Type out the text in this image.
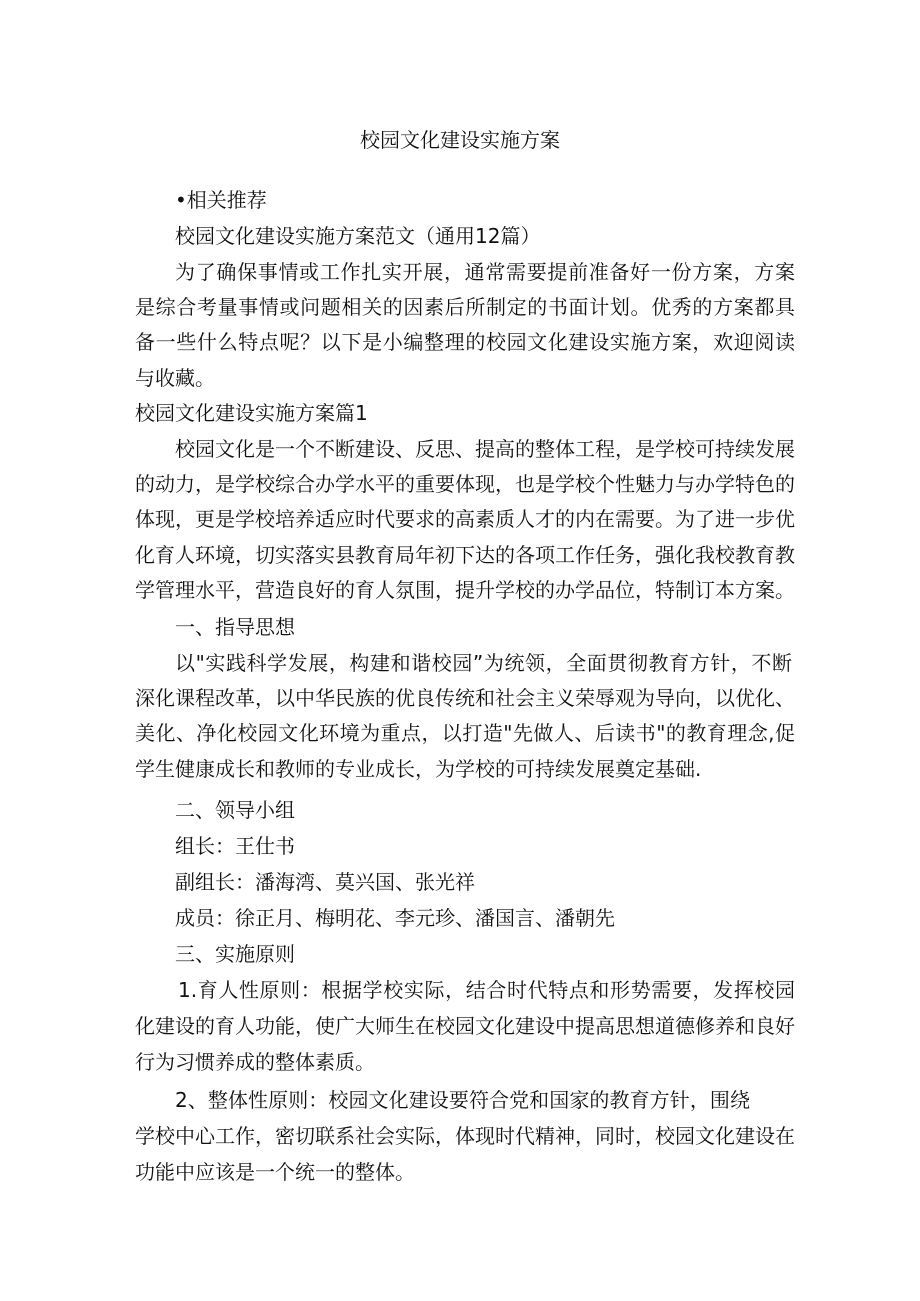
校园文化建设实施方案
•相关推荐
校园文化建设实施方案范文（通用12篇）
为了确保事情或工作扎实开展，通常需要提前准备好一份方案，方案
是综合考量事情或问题相关的因素后所制定的书面计划。优秀的方案都具
备一些什么特点呢？以下是小编整理的校园文化建设实施方案，欢迎阅读
与收藏。
校园文化建设实施方案篇1
校园文化是一个不断建设、反思、提高的整体工程，是学校可持续发展
的动力，是学校综合办学水平的重要体现，也是学校个性魅力与办学特色的
体现，更是学校培养适应时代要求的高素质人才的内在需要。为了进一步优
化育人环境，切实落实县教育局年初下达的各项工作任务，强化我校教育教
学管理水平，营造良好的育人氛围，提升学校的办学品位，特制订本方案。
一、指导思想
以"实践科学发展，构建和谐校园”为统领，全面贯彻教育方针，不断
深化课程改革，以中华民族的优良传统和社会主义荣辱观为导向，以优化、
美化、净化校园文化环境为重点，以打造"先做人、后读书"的教育理念,促
学生健康成长和教师的专业成长，为学校的可持续发展奠定基础.
二、领导小组
组长：王仕书
副组长：潘海湾、莫兴国、张光祥
成员：徐正月、梅明花、李元珍、潘国言、潘朝先
三、实施原则
1.育人性原则：根据学校实际，结合时代特点和形势需要，发挥校园
化建设的育人功能，使广大师生在校园文化建设中提高思想道德修养和良好
行为习惯养成的整体素质。
2、整体性原则：校园文化建设要符合党和国家的教育方针，围绕
学校中心工作，密切联系社会实际，体现时代精神，同时，校园文化建设在
功能中应该是一个统一的整体。
